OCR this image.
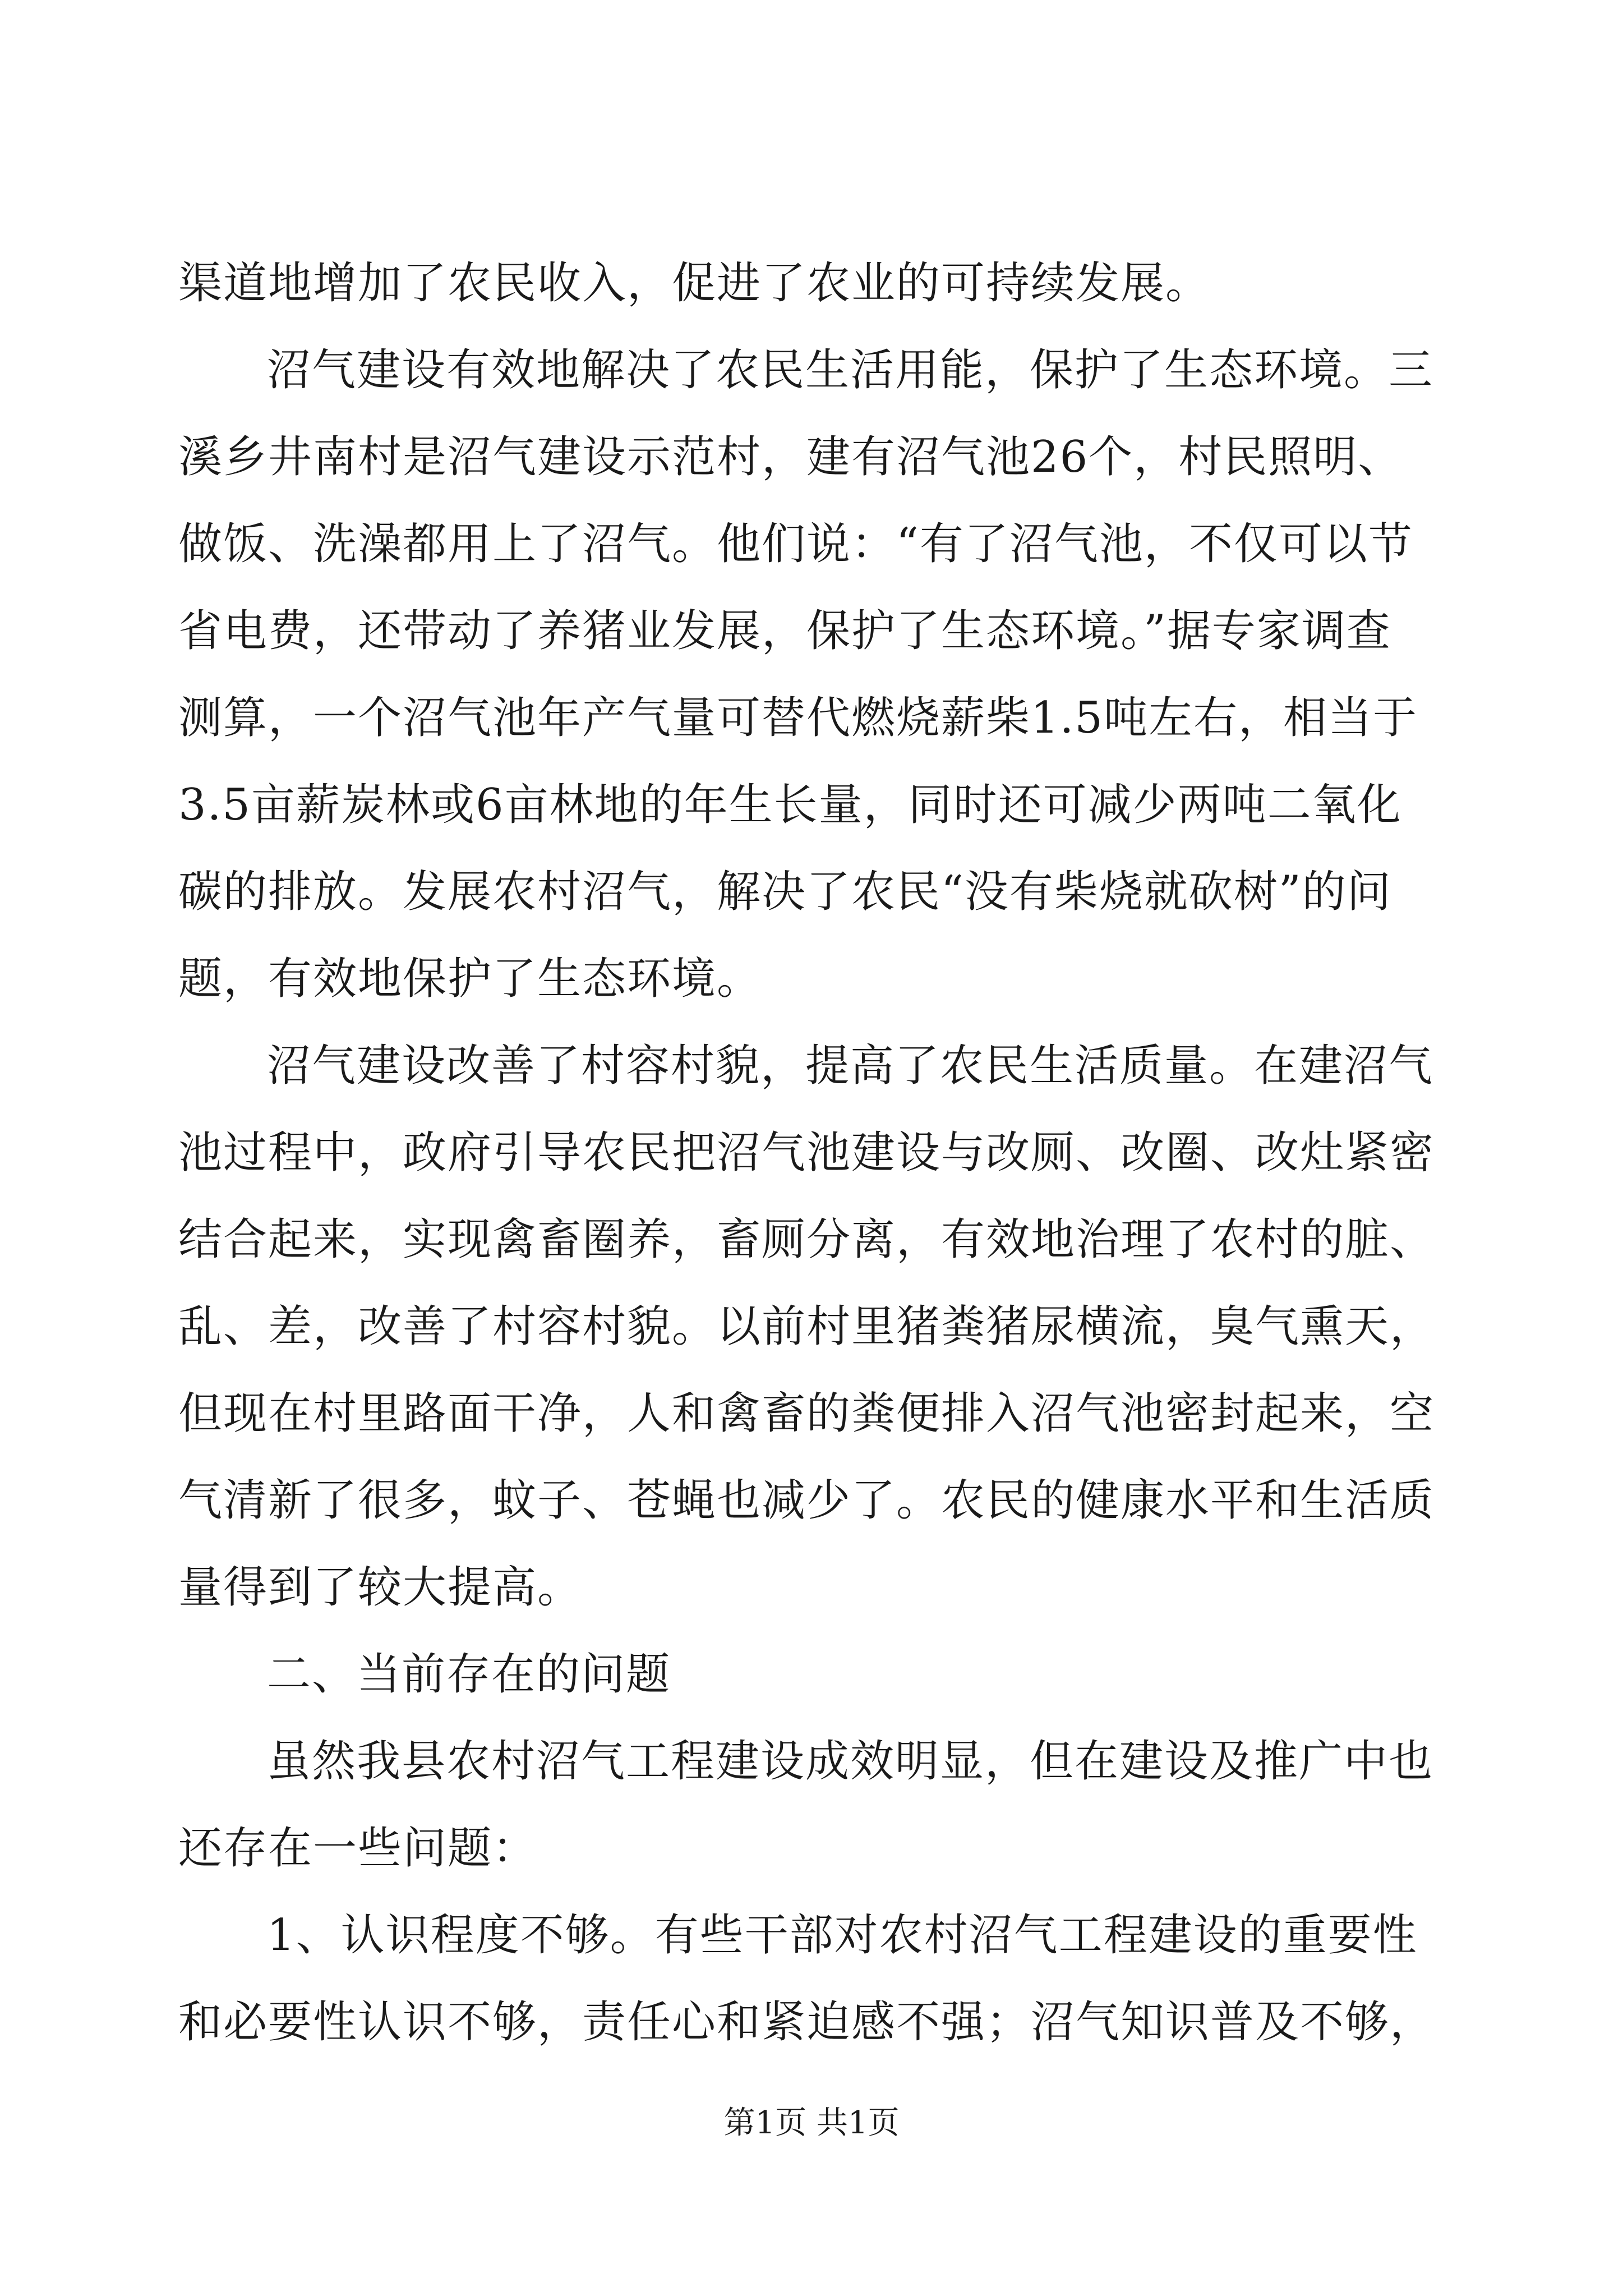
渠道地增加了农民收入，促进了农业的可持续发展。
沼气建设有效地解决了农民生活用能，保护了生态环境。三
溪乡井南村是沼气建设示范村，建有沼气池26个，村民照明、
做饭、洗澡都用上了沼气。他们说：“有了沼气池，不仅可以节
省电费，还带动了养猪业发展，保护了生态环境。”据专家调查
测算，一个沼气池年产气量可替代燃烧薪柴1.5吨左右，相当于
3.5亩薪炭林或6亩林地的年生长量，同时还可减少两吨二氧化
碳的排放。发展农村沼气，解决了农民“没有柴烧就砍树”的问
题，有效地保护了生态环境。
沼气建设改善了村容村貌，提高了农民生活质量。在建沼气
池过程中，政府引导农民把沼气池建设与改厕、改圈、改灶紧密
结合起来，实现禽畜圈养，畜厕分离，有效地治理了农村的脏、
乱、差，改善了村容村貌。以前村里猪粪猪尿横流，臭气熏天，
但现在村里路面干净，人和禽畜的粪便排入沼气池密封起来，空
气清新了很多，蚊子、苍蝇也减少了。农民的健康水平和生活质
量得到了较大提高。
二、当前存在的问题
虽然我县农村沼气工程建设成效明显，但在建设及推广中也
还存在一些问题：
1、认识程度不够。有些干部对农村沼气工程建设的重要性
和必要性认识不够，责任心和紧迫感不强；沼气知识普及不够，
第1页 共1页
